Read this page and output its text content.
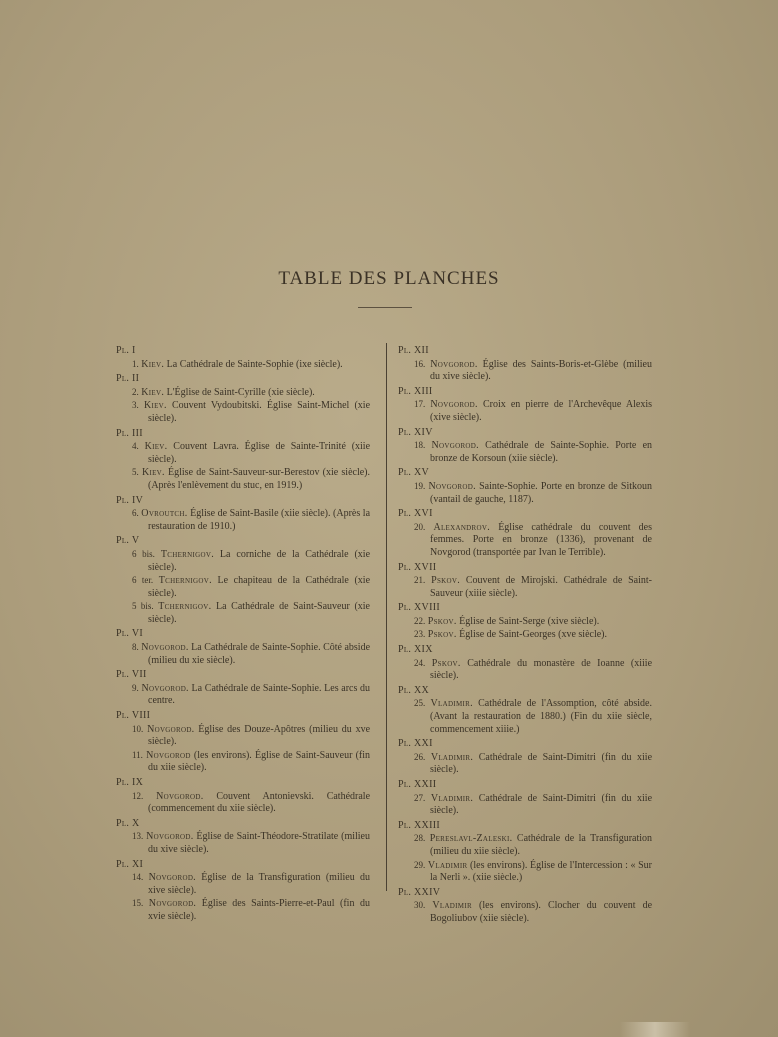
TABLE DES PLANCHES

Pl. I

1. Kiev. La Cathédrale de Sainte-Sophie (ixe siècle).

Pl. II

2. Kiev. L'Église de Saint-Cyrille (xie siècle).

3. Kiev. Couvent Vydoubitski. Église Saint-Michel (xie siècle).

Pl. III

4. Kiev. Couvent Lavra. Église de Sainte-Trinité (xiie siècle).

5. Kiev. Église de Saint-Sauveur-sur-Berestov (xie siècle). (Après l'enlèvement du stuc, en 1919.)

Pl. IV

6. Ovroutch. Église de Saint-Basile (xiie siècle). (Après la restauration de 1910.)

Pl. V

6 bis. Tchernigov. La corniche de la Cathédrale (xie siècle).

6 ter. Tchernigov. Le chapiteau de la Cathédrale (xie siècle).

5 bis. Tchernigov. La Cathédrale de Saint-Sauveur (xie siècle).

Pl. VI

8. Novgorod. La Cathédrale de Sainte-Sophie. Côté abside (milieu du xie siècle).

Pl. VII

9. Novgorod. La Cathédrale de Sainte-Sophie. Les arcs du centre.

Pl. VIII

10. Novgorod. Église des Douze-Apôtres (milieu du xve siècle).

11. Novgorod (les environs). Église de Saint-Sauveur (fin du xiie siècle).

Pl. IX

12. Novgorod. Couvent Antonievski. Cathédrale (commencement du xiie siècle).

Pl. X

13. Novgorod. Église de Saint-Théodore-Stratilate (milieu du xive siècle).

Pl. XI

14. Novgorod. Église de la Transfiguration (milieu du xive siècle).

15. Novgorod. Église des Saints-Pierre-et-Paul (fin du xvie siècle).

Pl. XII

16. Novgorod. Église des Saints-Boris-et-Glèbe (milieu du xive siècle).

Pl. XIII

17. Novgorod. Croix en pierre de l'Archevêque Alexis (xive siècle).

Pl. XIV

18. Novgorod. Cathédrale de Sainte-Sophie. Porte en bronze de Korsoun (xiie siècle).

Pl. XV

19. Novgorod. Sainte-Sophie. Porte en bronze de Sitkoun (vantail de gauche, 1187).

Pl. XVI

20. Alexandrov. Église cathédrale du couvent des femmes. Porte en bronze (1336), provenant de Novgorod (transportée par Ivan le Terrible).

Pl. XVII

21. Pskov. Couvent de Mirojski. Cathédrale de Saint-Sauveur (xiiie siècle).

Pl. XVIII

22. Pskov. Église de Saint-Serge (xive siècle).

23. Pskov. Église de Saint-Georges (xve siècle).

Pl. XIX

24. Pskov. Cathédrale du monastère de Ioanne (xiiie siècle).

Pl. XX

25. Vladimir. Cathédrale de l'Assomption, côté abside. (Avant la restauration de 1880.) (Fin du xiie siècle, commencement xiiie.)

Pl. XXI

26. Vladimir. Cathédrale de Saint-Dimitri (fin du xiie siècle).

Pl. XXII

27. Vladimir. Cathédrale de Saint-Dimitri (fin du xiie siècle).

Pl. XXIII

28. Pereslavl-Zaleski. Cathédrale de la Transfiguration (milieu du xiie siècle).

29. Vladimir (les environs). Église de l'Intercession : « Sur la Nerli ». (xiie siècle.)

Pl. XXIV

30. Vladimir (les environs). Clocher du couvent de Bogoliubov (xiie siècle).
